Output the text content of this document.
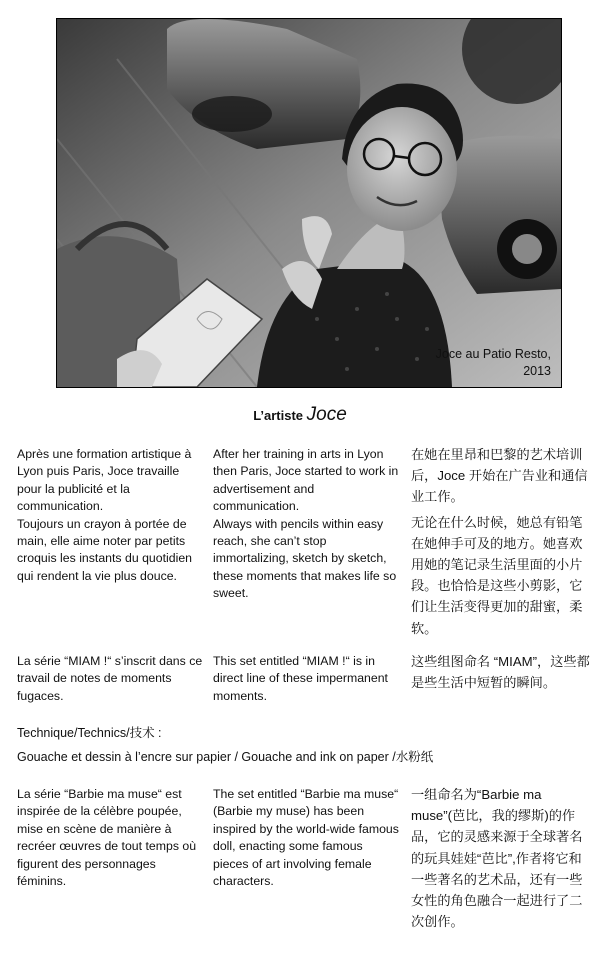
Joce au Patio Resto,
2013
L’artiste Joce

Après une formation artistique à Lyon puis Paris, Joce travaille pour la publicité et la communication.

Toujours un crayon à portée de main, elle aime noter par petits croquis les instants du quotidien qui rendent la vie plus douce.

After her training in arts in Lyon then Paris, Joce started to work in advertisement and communication.

Always with pencils within easy reach, she can’t stop immortalizing, sketch by sketch, these moments that makes life so sweet.

在她在里昂和巴黎的艺术培训后，Joce 开始在广告业和通信业工作。

无论在什么时候，她总有铅笔在她伸手可及的地方。她喜欢用她的笔记录生活里面的小片段。也恰恰是这些小剪影，它们让生活变得更加的甜蜜，柔软。

La série “MIAM !“ s’inscrit dans ce travail de notes de moments fugaces.

This set entitled “MIAM !“ is in direct line of these impermanent moments.

这些组图命名 “MIAM”，这些都是些生活中短暂的瞬间。

Technique/Technics/技术 :
Gouache et dessin à l’encre sur papier / Gouache and ink on paper /水粉纸

La série “Barbie ma muse“ est inspirée de la célèbre poupée, mise en scène de manière à recréer œuvres de tout temps où figurent des personnages féminins.

The set entitled “Barbie ma muse“ (Barbie my muse) has been inspired by the world-wide famous doll, enacting some famous pieces of art involving female characters.

一组命名为“Barbie ma muse”(芭比，我的缪斯)的作品，它的灵感来源于全球著名的玩具娃娃“芭比”,作者将它和一些著名的艺术品，还有一些女性的角色融合一起进行了二次创作。
